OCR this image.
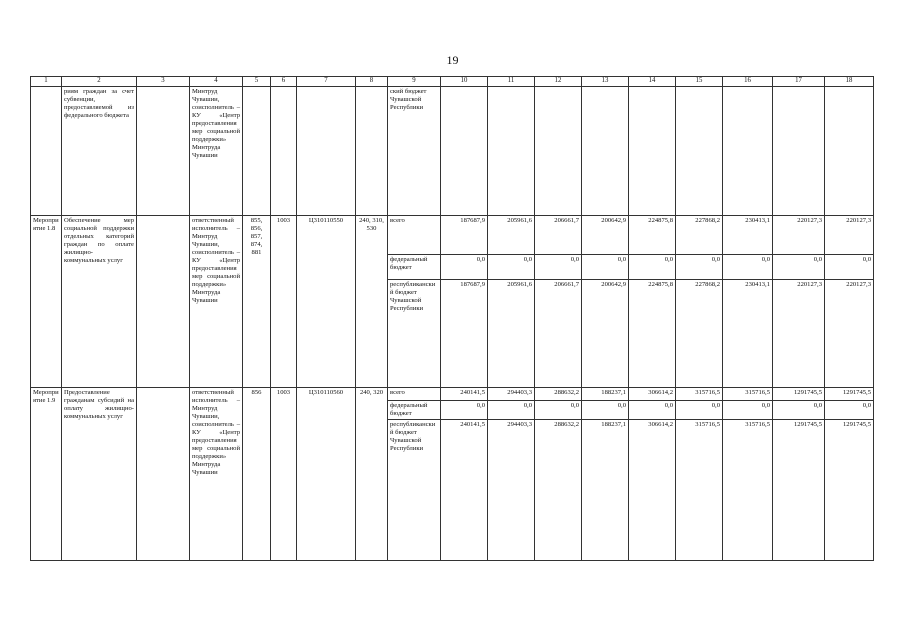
19
1	2	3	4	5	6	7	8	9	10	11	12	13	14	15	16	17	18
	риям граждан за счет субвенции, предоставляемой из федерального бюджета		Минтруд Чувашии, соисполнитель – КУ «Центр предоставления мер социальной поддержки» Минтруда Чувашии					ский бюджет Чувашской Республики									
Мероприятие 1.8	Обеспечение мер социальной поддержки отдельных категорий граждан по оплате жилищно-коммунальных услуг		ответственный исполнитель – Минтруд Чувашии, соисполнитель – КУ «Центр предоставления мер социальной поддержки» Минтруда Чувашии	855, 856, 857, 874, 881	1003	Ц310110550	240, 310, 530	всего	187687,9	205961,6	206661,7	200642,9	224875,8	227868,2	230413,1	220127,3	220127,3
								федеральный бюджет	0,0	0,0	0,0	0,0	0,0	0,0	0,0	0,0	0,0
								республиканский бюджет Чувашской Республики	187687,9	205961,6	206661,7	200642,9	224875,8	227868,2	230413,1	220127,3	220127,3
Мероприятие 1.9	Предоставление гражданам субсидий на оплату жилищно-коммунальных услуг		ответственный исполнитель – Минтруд Чувашии, соисполнитель – КУ «Центр предоставления мер социальной поддержки» Минтруда Чувашии	856	1003	Ц310110560	240, 320	всего	240141,5	294403,3	288632,2	188237,1	306614,2	315716,5	315716,5	1291745,5	1291745,5
								федеральный бюджет	0,0	0,0	0,0	0,0	0,0	0,0	0,0	0,0	0,0
								республиканский бюджет Чувашской Республики	240141,5	294403,3	288632,2	188237,1	306614,2	315716,5	315716,5	1291745,5	1291745,5
